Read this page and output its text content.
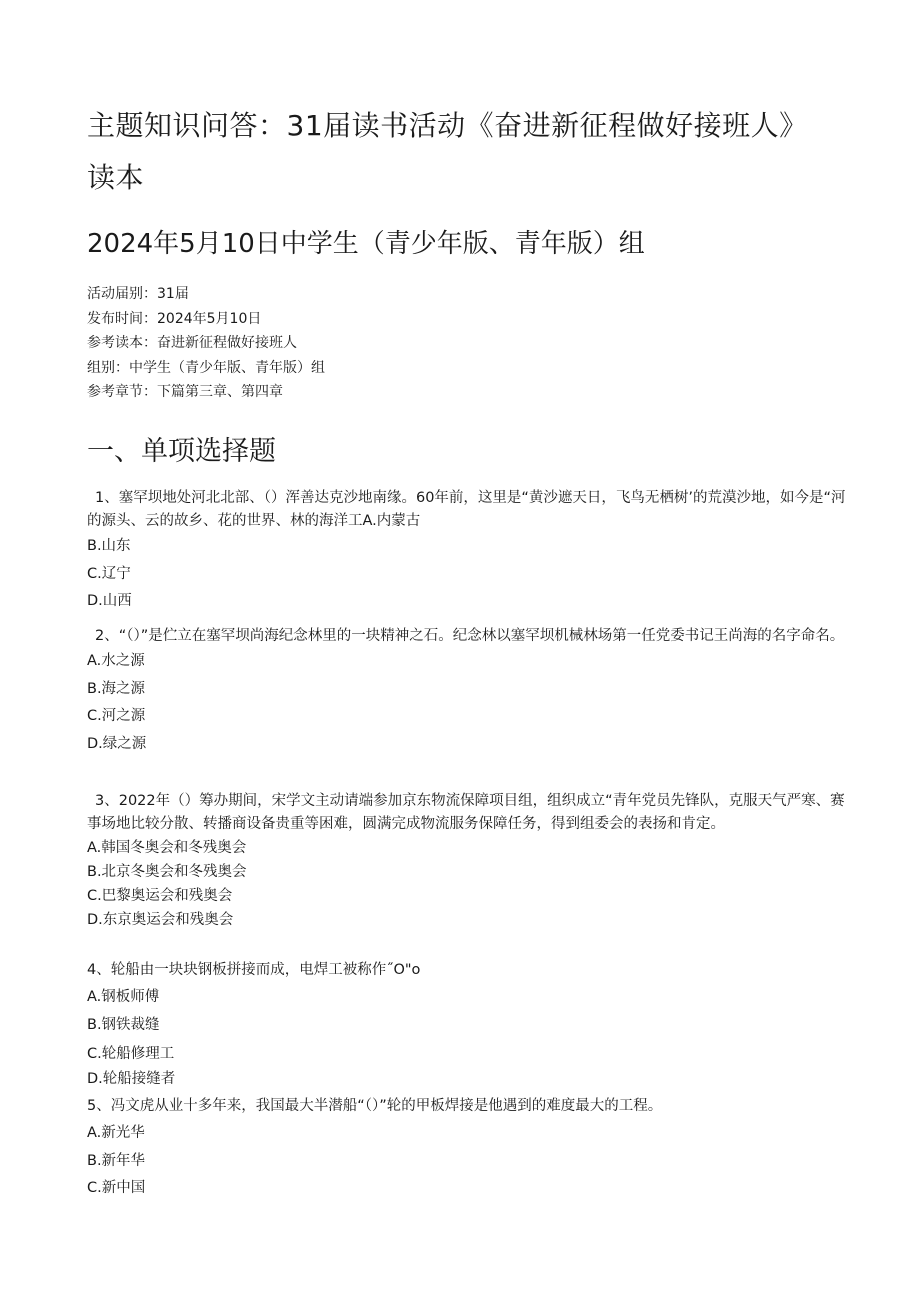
主题知识问答：31届读书活动《奋进新征程做好接班人》读本
2024年5月10日中学生（青少年版、青年版）组
活动届别：31届
发布时间：2024年5月10日
参考读本：奋进新征程做好接班人
组别：中学生（青少年版、青年版）组
参考章节：下篇第三章、第四章
一、单项选择题

1、塞罕坝地处河北北部、（）浑善达克沙地南缘。60年前，这里是“黄沙遮天日，飞鸟无栖树’的荒漠沙地，如今是“河的源头、云的故乡、花的世界、林的海洋工A.内蒙古

B.山东

C.辽宁

D.山西

2、“（）”是伫立在塞罕坝尚海纪念林里的一块精神之石。纪念林以塞罕坝机械林场第一任党委书记王尚海的名字命名。

A.水之源

B.海之源

C.河之源

D.绿之源

3、2022年（）筹办期间，宋学文主动请端参加京东物流保障项目组，组织成立“青年党员先锋队，克服天气严寒、赛事场地比较分散、转播商设备贵重等困难，圆满完成物流服务保障任务，得到组委会的表扬和肯定。

A.韩国冬奥会和冬残奥会

B.北京冬奥会和冬残奥会

C.巴黎奥运会和残奥会

D.东京奥运会和残奥会

4、轮船由一块块钢板拼接而成，电焊工被称作˝O"o

A.钢板师傅

B.钢铁裁缝

C.轮船修理工

D.轮船接缝者

5、冯文虎从业十多年来，我国最大半潜船“（）”轮的甲板焊接是他遇到的难度最大的工程。

A.新光华

B.新年华

C.新中国
